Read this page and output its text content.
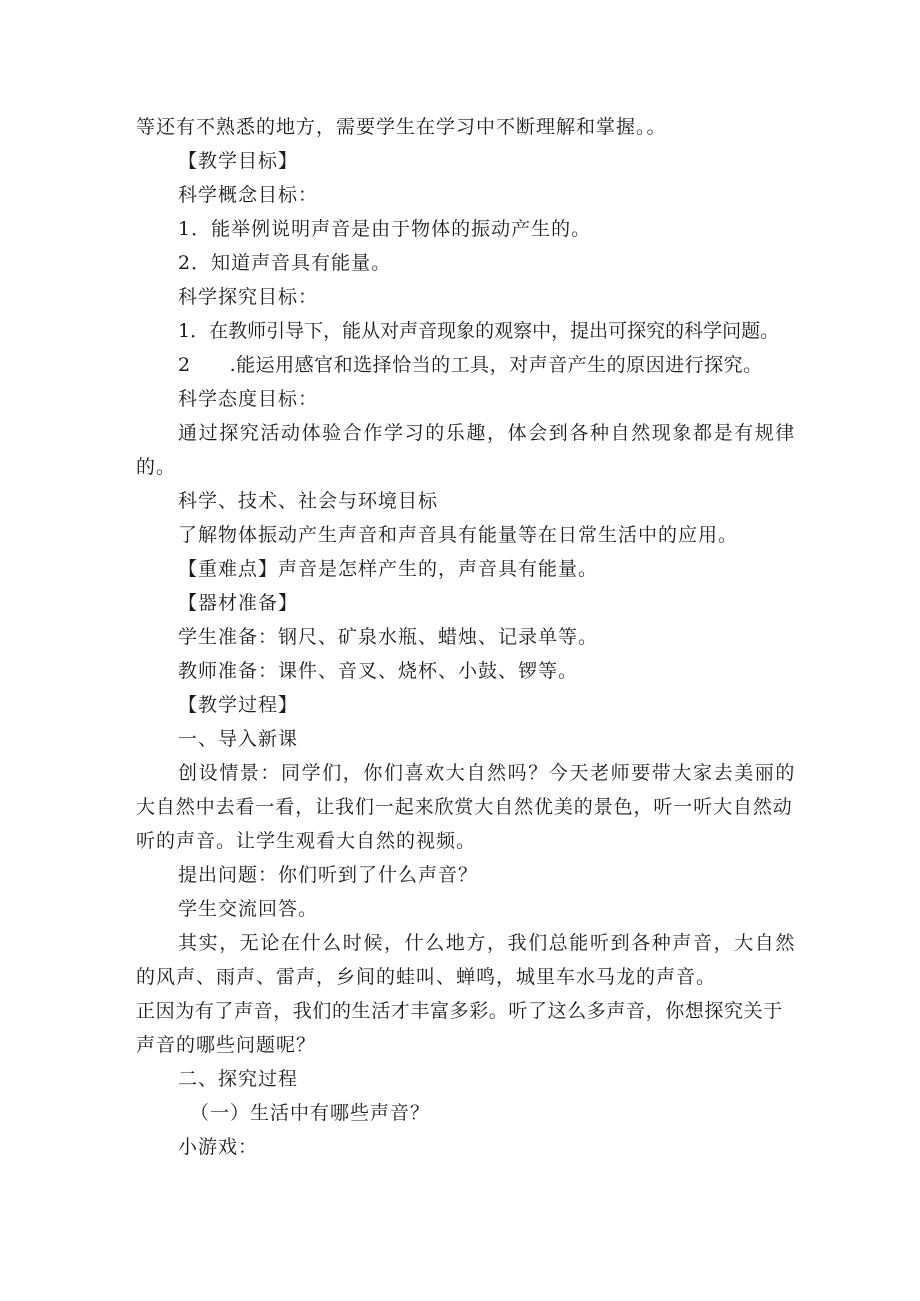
等还有不熟悉的地方，需要学生在学习中不断理解和掌握。。
【教学目标】
科学概念目标：
1．能举例说明声音是由于物体的振动产生的。
2．知道声音具有能量。
科学探究目标：
1．在教师引导下，能从对声音现象的观察中，提出可探究的科学问题。
2　　.能运用感官和选择恰当的工具，对声音产生的原因进行探究。
科学态度目标：
通过探究活动体验合作学习的乐趣，体会到各种自然现象都是有规律
的。
科学、技术、社会与环境目标
了解物体振动产生声音和声音具有能量等在日常生活中的应用。
【重难点】声音是怎样产生的，声音具有能量。
【器材准备】
学生准备：钢尺、矿泉水瓶、蜡烛、记录单等。
教师准备：课件、音叉、烧杯、小鼓、锣等。
【教学过程】
一、导入新课
创设情景：同学们，你们喜欢大自然吗？今天老师要带大家去美丽的
大自然中去看一看，让我们一起来欣赏大自然优美的景色，听一听大自然动
听的声音。让学生观看大自然的视频。
提出问题：你们听到了什么声音？
学生交流回答。
其实，无论在什么时候，什么地方，我们总能听到各种声音，大自然
的风声、雨声、雷声，乡间的蛙叫、蝉鸣，城里车水马龙的声音。
正因为有了声音，我们的生活才丰富多彩。听了这么多声音，你想探究关于
声音的哪些问题呢？
二、探究过程
（一）生活中有哪些声音？
小游戏：
